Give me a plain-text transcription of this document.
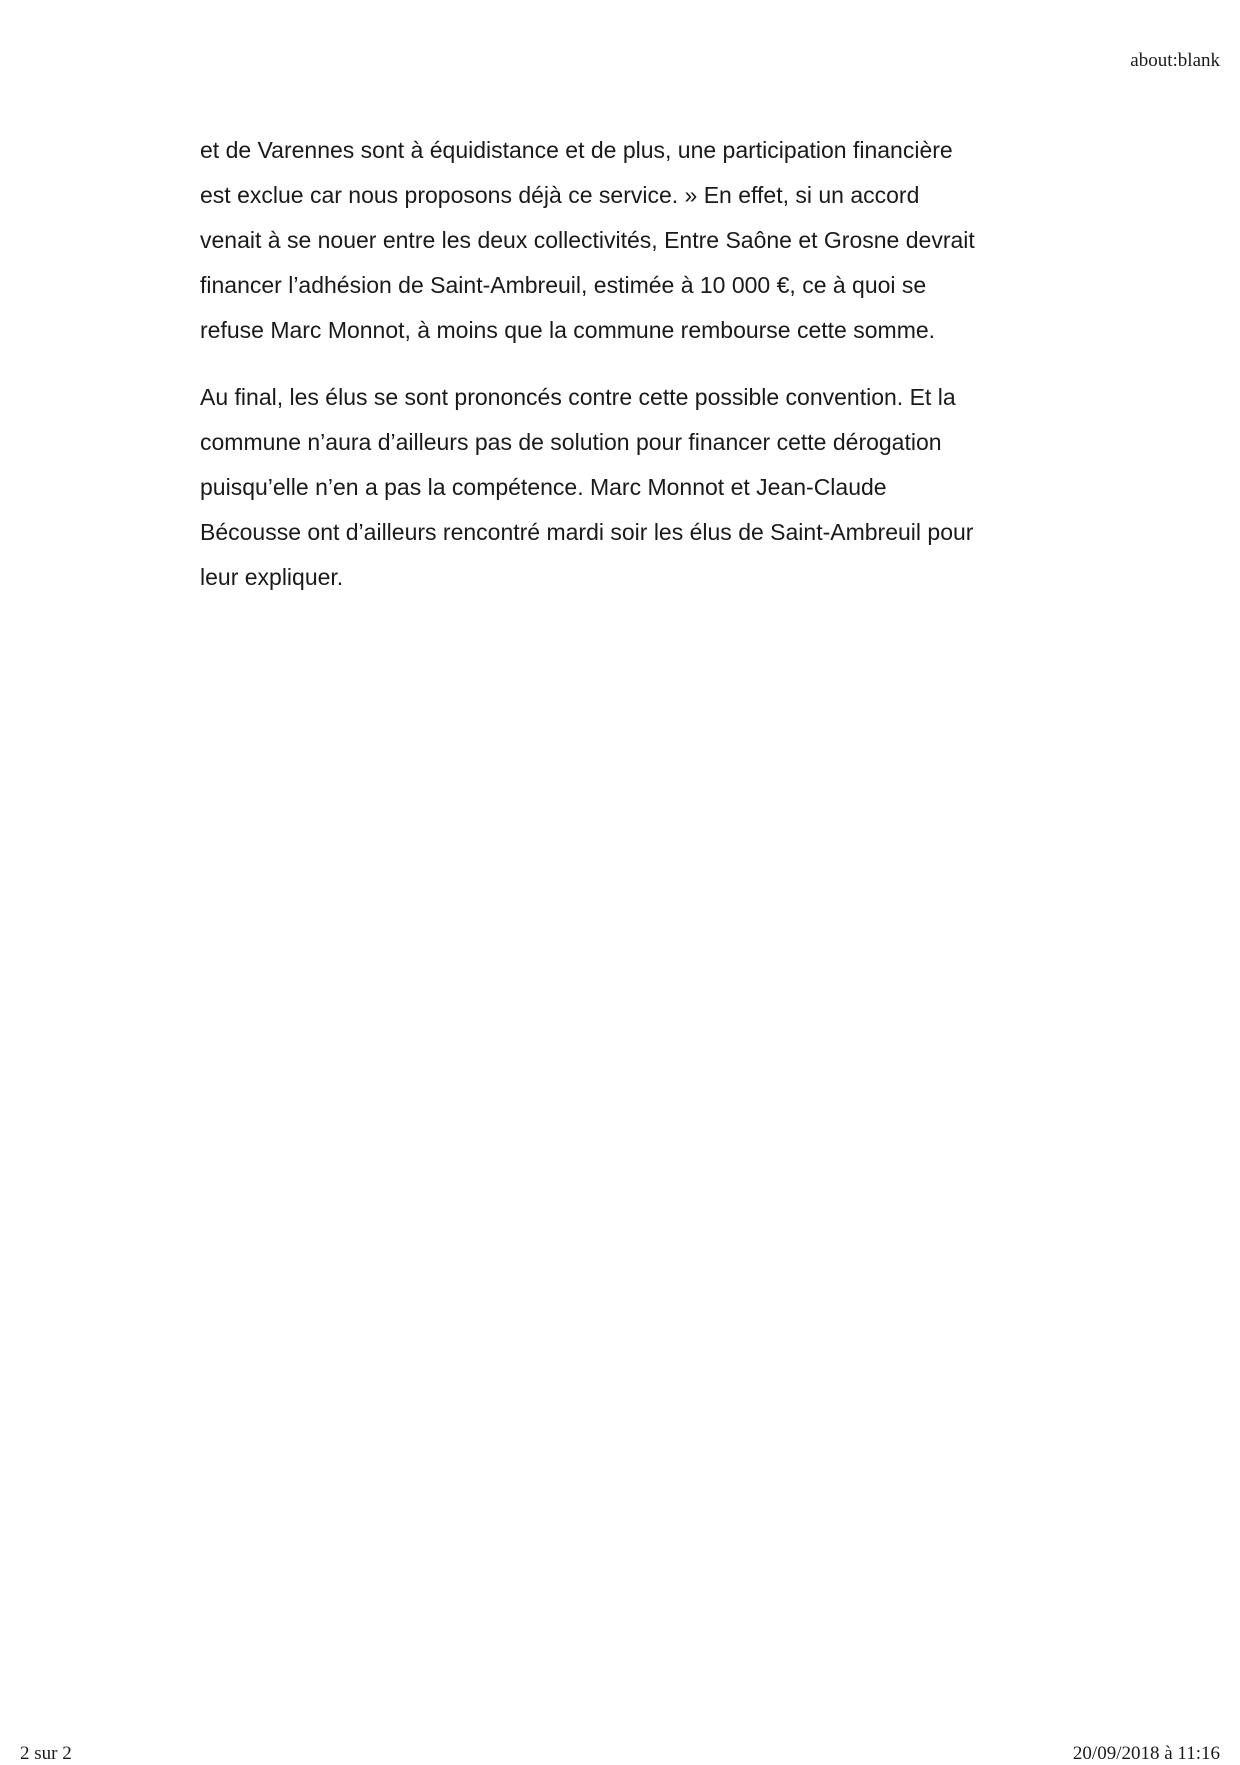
about:blank

et de Varennes sont à équidistance et de plus, une participation financière
est exclue car nous proposons déjà ce service. » En effet, si un accord
venait à se nouer entre les deux collectivités, Entre Saône et Grosne devrait
financer l’adhésion de Saint-Ambreuil, estimée à 10 000 €, ce à quoi se
refuse Marc Monnot, à moins que la commune rembourse cette somme.

Au final, les élus se sont prononcés contre cette possible convention. Et la
commune n’aura d’ailleurs pas de solution pour financer cette dérogation
puisqu’elle n’en a pas la compétence. Marc Monnot et Jean-Claude
Bécousse ont d’ailleurs rencontré mardi soir les élus de Saint-Ambreuil pour
leur expliquer.

2 sur 2	20/09/2018 à 11:16
